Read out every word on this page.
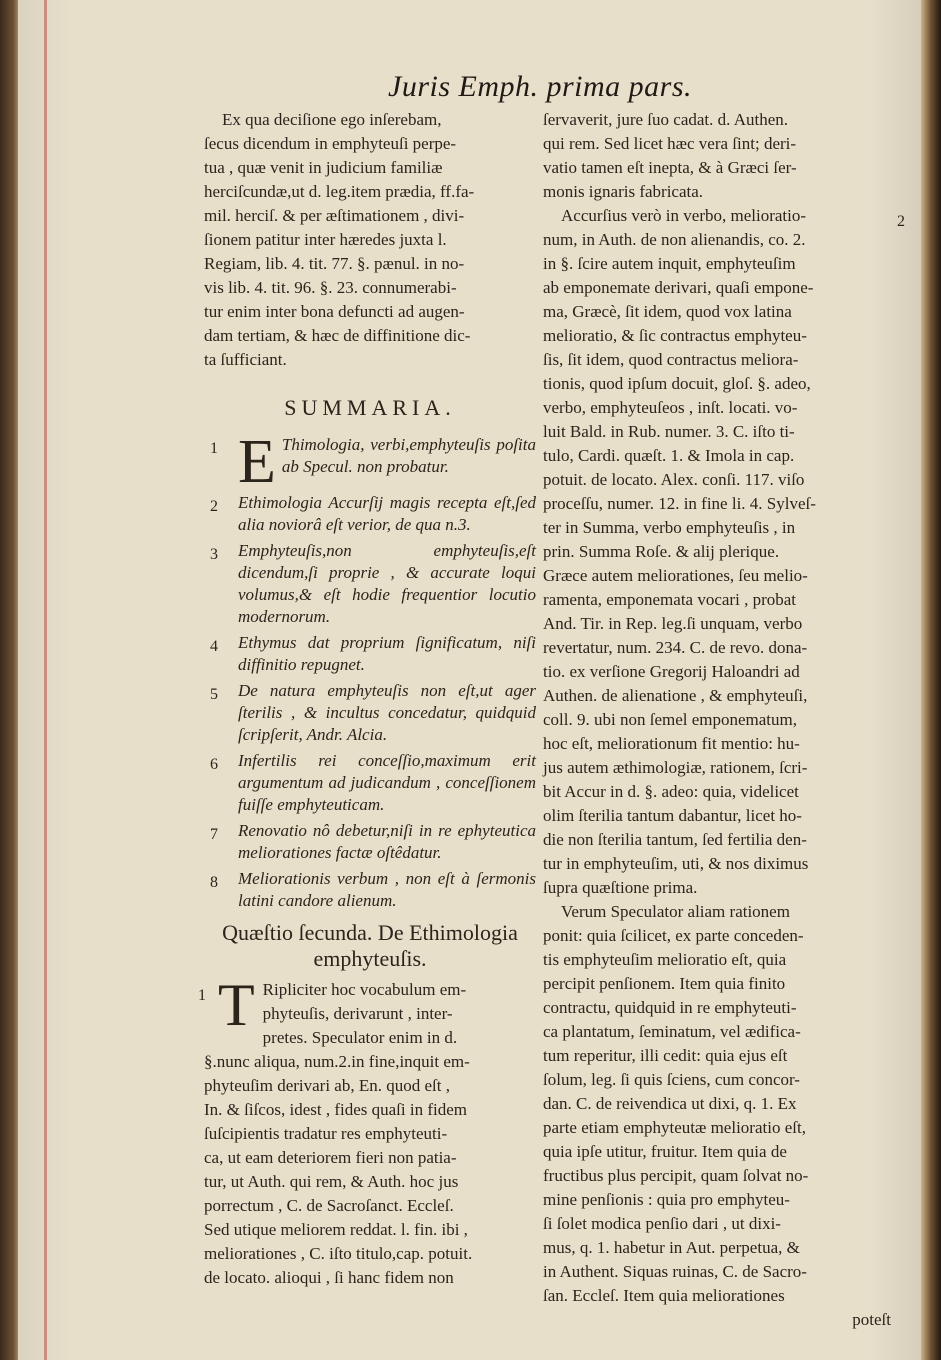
Juris Emph. prima pars.

Ex qua deciſione ego inſerebam,

ſecus dicendum in emphyteuſi perpe-

tua , quæ venit in judicium familiæ

herciſcundæ,ut d. leg.item prædia, ff.fa-

mil. herciſ. & per æſtimationem , divi-

ſionem patitur inter hæredes juxta l.

Regiam, lib. 4. tit. 77. §. pænul. in no-

vis lib. 4. tit. 96. §. 23. connumerabi-

tur enim inter bona defuncti ad augen-

dam tertiam, & hæc de diffinitione dic-

ta ſufficiant.

SUMMARIA.
1 E Thimologia, verbi,emphyteuſis poſita ab Specul. non probatur.
2 Ethimologia Accurſij magis recepta eſt,ſed alia noviorâ eſt verior, de qua n.3.
3 Emphyteuſis,non emphyteuſis,eſt dicendum,ſi proprie , & accurate loqui volumus,& eſt hodie frequentior locutio modernorum.
4 Ethymus dat proprium ſignificatum, niſi diffinitio repugnet.
5 De natura emphyteuſis non eſt,ut ager ſterilis , & incultus concedatur, quidquid ſcripſerit, Andr. Alcia.
6 Infertilis rei conceſſio,maximum erit argumentum ad judicandum , conceſſionem fuiſſe emphyteuticam.
7 Renovatio nô debetur,niſi in re ephyteutica meliorationes factæ oſtêdatur.
8 Meliorationis verbum , non eſt à ſermonis latini candore alienum.
Quæſtio ſecunda. De Ethimologia emphyteuſis.
1 T Ripliciter hoc vocabulum em-

phyteuſis, derivarunt , inter-

pretes. Speculator enim in d.

§.nunc aliqua, num.2.in fine,inquit em-

phyteuſim derivari ab, En. quod eſt ,

In. & ſiſcos, idest , fides quaſi in fidem

ſuſcipientis tradatur res emphyteuti-

ca, ut eam deteriorem fieri non patia-

tur, ut Auth. qui rem, & Auth. hoc jus

porrectum , C. de Sacroſanct. Eccleſ.

Sed utique meliorem reddat. l. fin. ibi ,

meliorationes , C. iſto titulo,cap. potuit.

de locato. alioqui , ſi hanc fidem non

2

ſervaverit, jure ſuo cadat. d. Authen.

qui rem. Sed licet hæc vera ſint; deri-

vatio tamen eſt inepta, & à Græci ſer-

monis ignaris fabricata.

Accurſius verò in verbo, melioratio-

num, in Auth. de non alienandis, co. 2.

in §. ſcire autem inquit, emphyteuſim

ab emponemate derivari, quaſi empone-

ma, Græcè, ſit idem, quod vox latina

melioratio, & ſic contractus emphyteu-

ſis, ſit idem, quod contractus meliora-

tionis, quod ipſum docuit, gloſ. §. adeo,

verbo, emphyteuſeos , inſt. locati. vo-

luit Bald. in Rub. numer. 3. C. iſto ti-

tulo, Cardi. quæſt. 1. & Imola in cap.

potuit. de locato. Alex. conſi. 117. viſo

proceſſu, numer. 12. in fine li. 4. Sylveſ-

ter in Summa, verbo emphyteuſis , in

prin. Summa Roſe. & alij plerique.

Græce autem meliorationes, ſeu melio-

ramenta, emponemata vocari , probat

And. Tir. in Rep. leg.ſi unquam, verbo

revertatur, num. 234. C. de revo. dona-

tio. ex verſione Gregorij Haloandri ad

Authen. de alienatione , & emphyteuſi,

coll. 9. ubi non ſemel emponematum,

hoc eſt, meliorationum fit mentio: hu-

jus autem æthimologiæ, rationem, ſcri-

bit Accur in d. §. adeo: quia, videlicet

olim ſterilia tantum dabantur, licet ho-

die non ſterilia tantum, ſed fertilia den-

tur in emphyteuſim, uti, & nos diximus

ſupra quæſtione prima.

Verum Speculator aliam rationem

ponit: quia ſcilicet, ex parte conceden-

tis emphyteuſim melioratio eſt, quia

percipit penſionem. Item quia finito

contractu, quidquid in re emphyteuti-

ca plantatum, ſeminatum, vel ædifica-

tum reperitur, illi cedit: quia ejus eſt

ſolum, leg. ſi quis ſciens, cum concor-

dan. C. de reivendica ut dixi, q. 1. Ex

parte etiam emphyteutæ melioratio eſt,

quia ipſe utitur, fruitur. Item quia de

fructibus plus percipit, quam ſolvat no-

mine penſionis : quia pro emphyteu-

ſi ſolet modica penſio dari , ut dixi-

mus, q. 1. habetur in Aut. perpetua, &

in Authent. Siquas ruinas, C. de Sacro-

ſan. Eccleſ. Item quia meliorationes

poteſt
